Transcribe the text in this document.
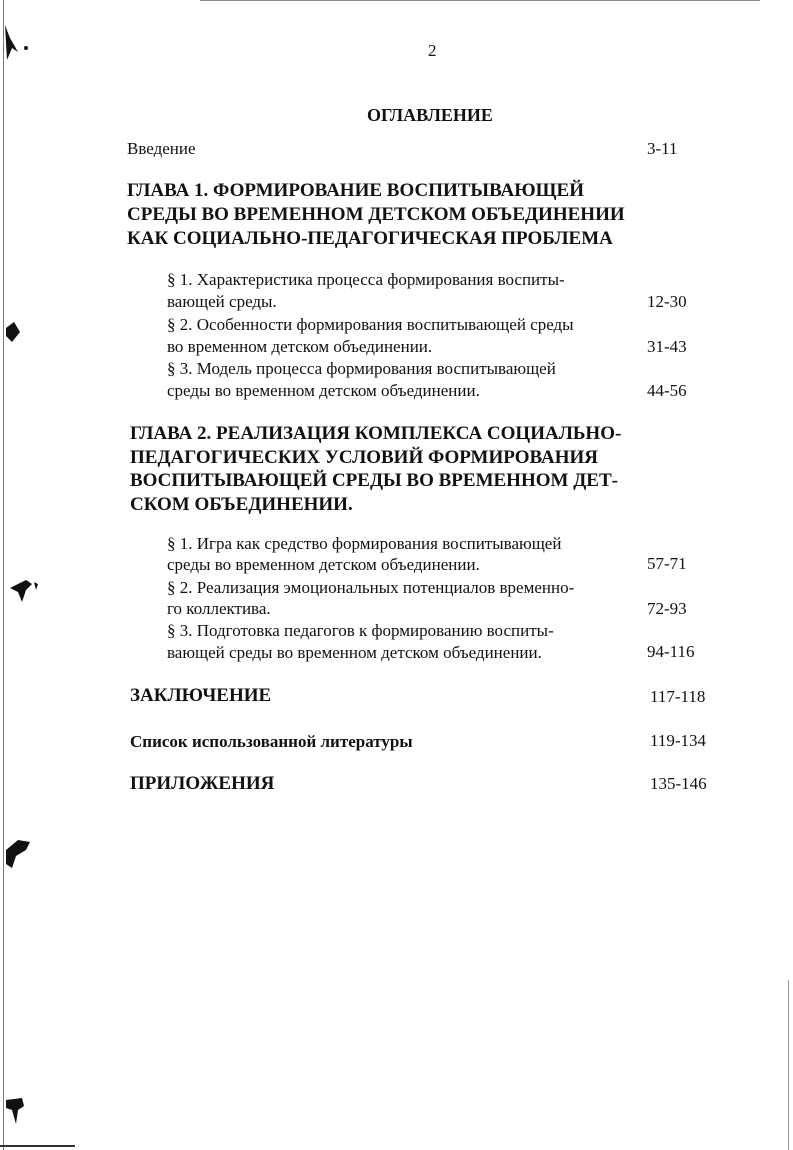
2
ОГЛАВЛЕНИЕ
Введение	3-11
ГЛАВА 1. ФОРМИРОВАНИЕ ВОСПИТЫВАЮЩЕЙ
СРЕДЫ ВО ВРЕМЕННОМ ДЕТСКОМ ОБЪЕДИНЕНИИ
КАК СОЦИАЛЬНО-ПЕДАГОГИЧЕСКАЯ ПРОБЛЕМА
§ 1. Характеристика процесса формирования воспиты-
вающей среды.	12-30
§ 2. Особенности формирования воспитывающей среды
во временном детском объединении.	31-43
§ 3. Модель процесса формирования воспитывающей
среды во временном детском объединении.	44-56
ГЛАВА 2. РЕАЛИЗАЦИЯ КОМПЛЕКСА СОЦИАЛЬНО-
ПЕДАГОГИЧЕСКИХ УСЛОВИЙ ФОРМИРОВАНИЯ
ВОСПИТЫВАЮЩЕЙ СРЕДЫ ВО ВРЕМЕННОМ ДЕТ-
СКОМ ОБЪЕДИНЕНИИ.
§ 1. Игра как средство формирования воспитывающей
среды во временном детском объединении.	57-71
§ 2. Реализация эмоциональных потенциалов временно-
го коллектива.	72-93
§ 3. Подготовка педагогов к формированию воспиты-
вающей среды во временном детском объединении.	94-116
ЗАКЛЮЧЕНИЕ	117-118
Список использованной литературы	119-134
ПРИЛОЖЕНИЯ	135-146
